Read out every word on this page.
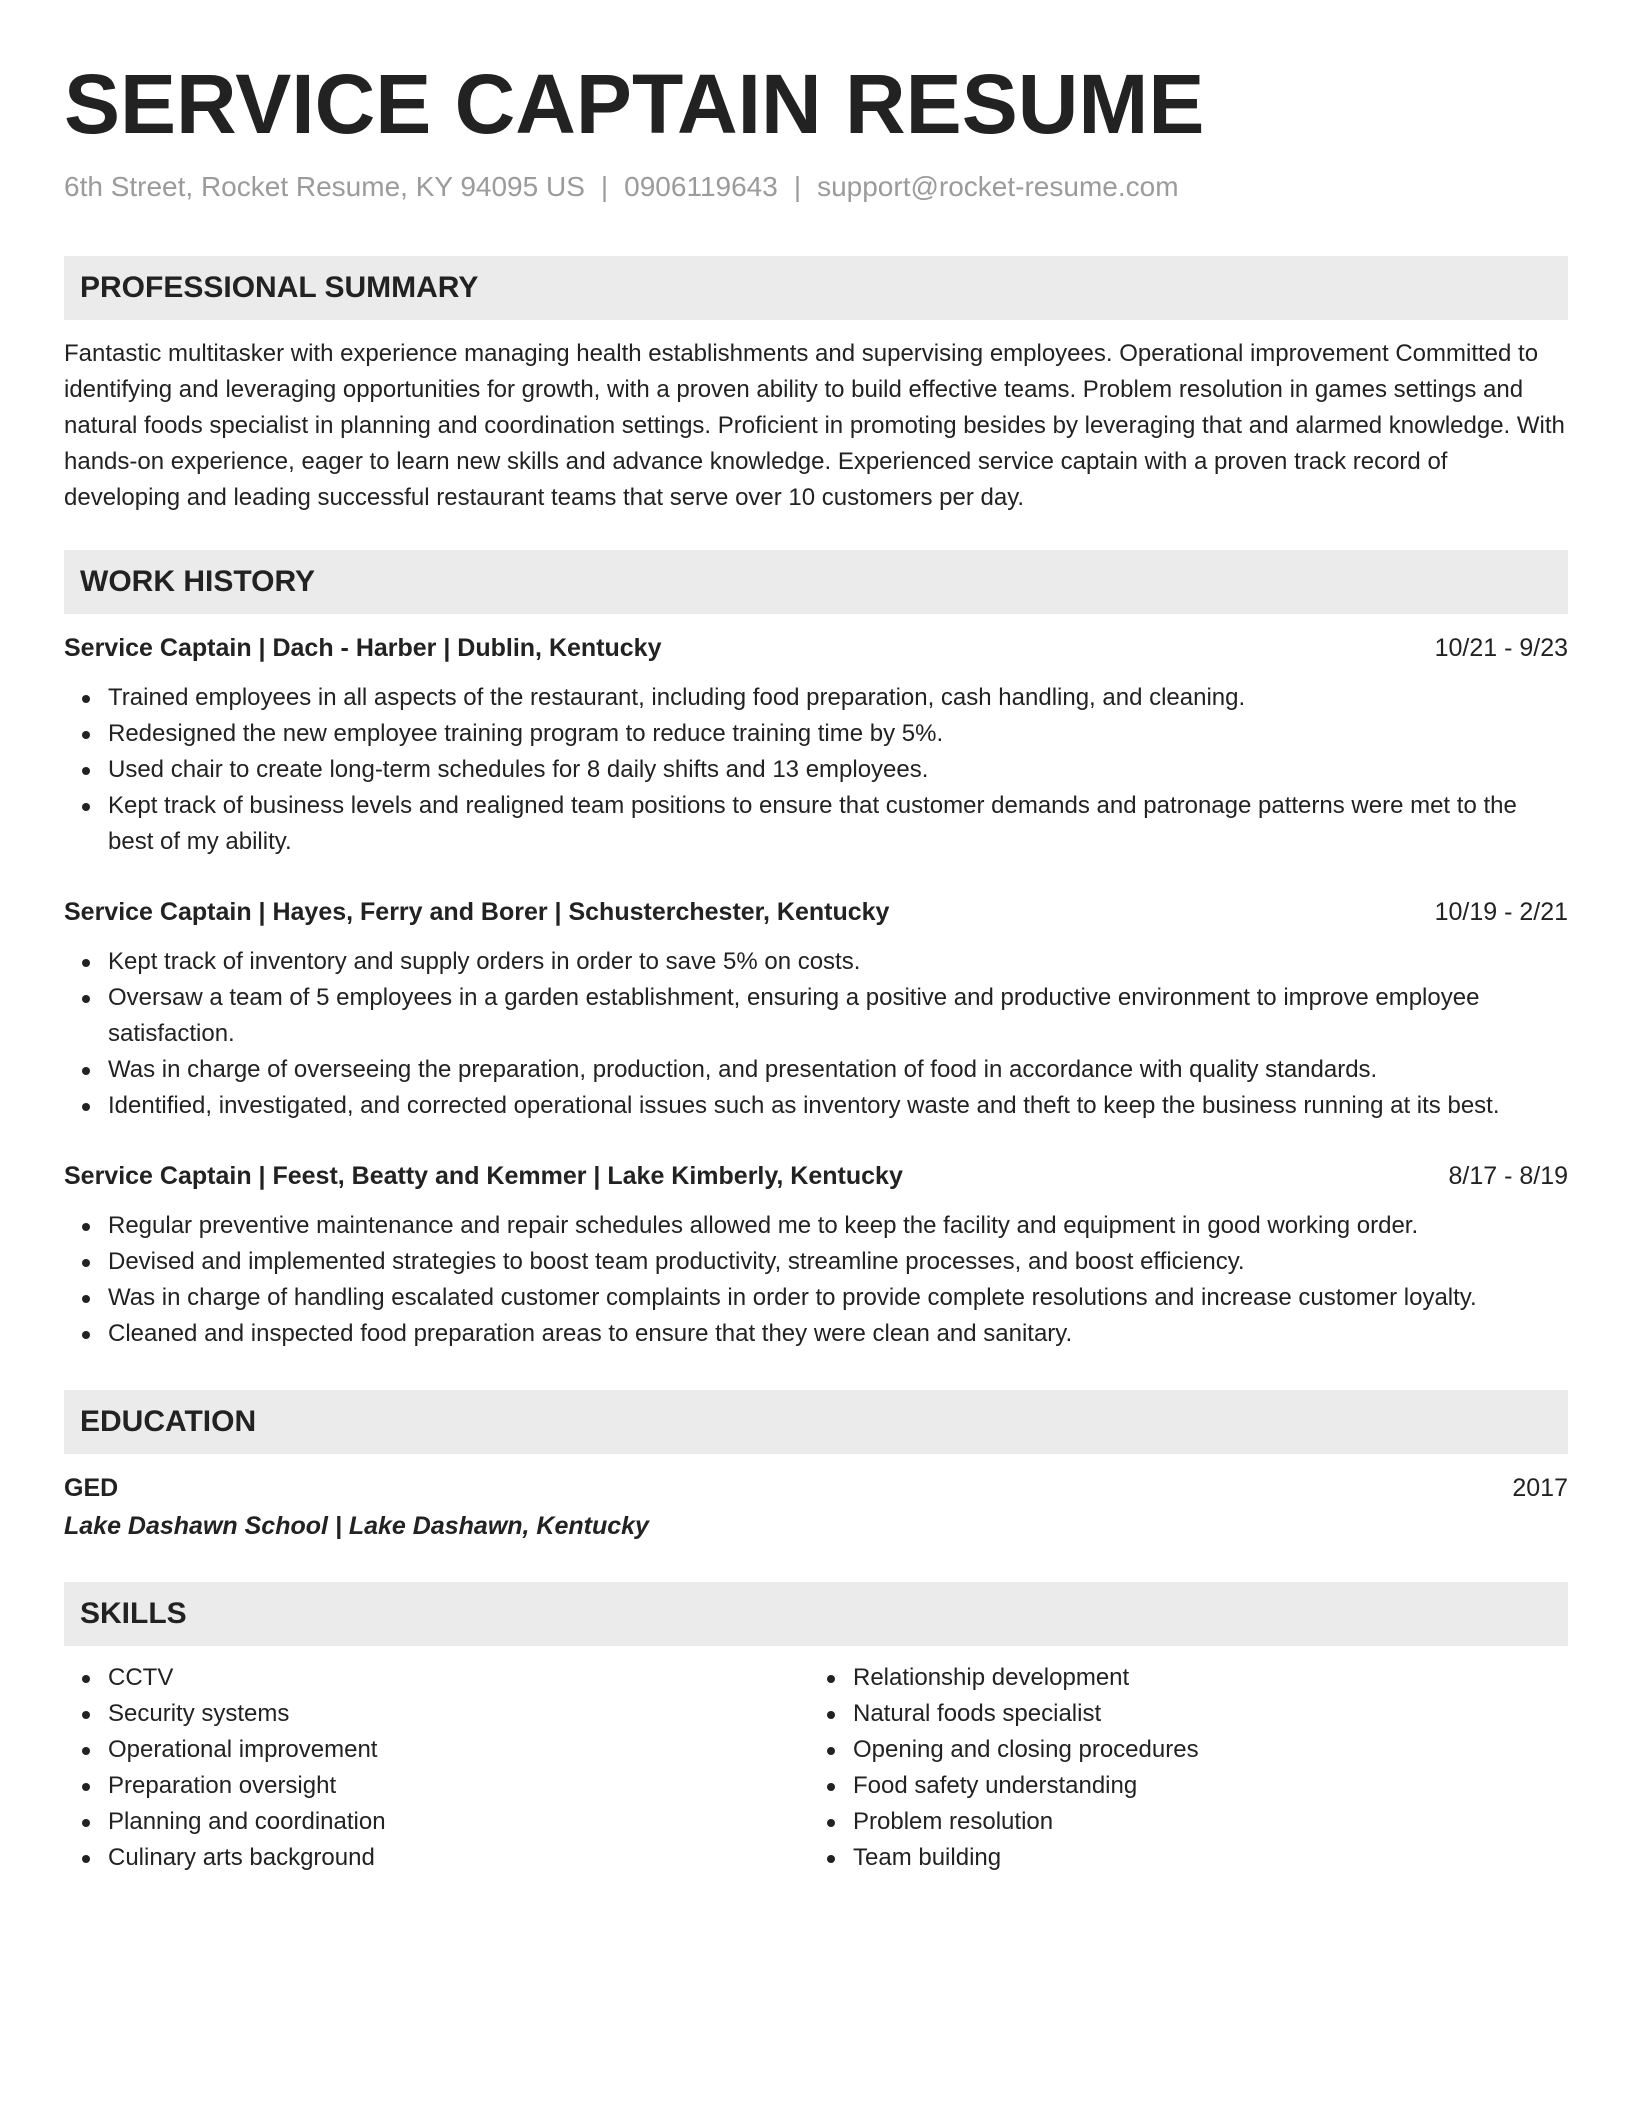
SERVICE CAPTAIN RESUME
6th Street, Rocket Resume, KY 94095 US | 0906119643 | support@rocket-resume.com
PROFESSIONAL SUMMARY

Fantastic multitasker with experience managing health establishments and supervising employees. Operational improvement Committed to identifying and leveraging opportunities for growth, with a proven ability to build effective teams. Problem resolution in games settings and natural foods specialist in planning and coordination settings. Proficient in promoting besides by leveraging that and alarmed knowledge. With hands-on experience, eager to learn new skills and advance knowledge. Experienced service captain with a proven track record of developing and leading successful restaurant teams that serve over 10 customers per day.

WORK HISTORY
Service Captain | Dach - Harber | Dublin, Kentucky	10/21 - 9/23
Trained employees in all aspects of the restaurant, including food preparation, cash handling, and cleaning.
Redesigned the new employee training program to reduce training time by 5%.
Used chair to create long-term schedules for 8 daily shifts and 13 employees.
Kept track of business levels and realigned team positions to ensure that customer demands and patronage patterns were met to the best of my ability.
Service Captain | Hayes, Ferry and Borer | Schusterchester, Kentucky	10/19 - 2/21
Kept track of inventory and supply orders in order to save 5% on costs.
Oversaw a team of 5 employees in a garden establishment, ensuring a positive and productive environment to improve employee satisfaction.
Was in charge of overseeing the preparation, production, and presentation of food in accordance with quality standards.
Identified, investigated, and corrected operational issues such as inventory waste and theft to keep the business running at its best.
Service Captain | Feest, Beatty and Kemmer | Lake Kimberly, Kentucky	8/17 - 8/19
Regular preventive maintenance and repair schedules allowed me to keep the facility and equipment in good working order.
Devised and implemented strategies to boost team productivity, streamline processes, and boost efficiency.
Was in charge of handling escalated customer complaints in order to provide complete resolutions and increase customer loyalty.
Cleaned and inspected food preparation areas to ensure that they were clean and sanitary.
EDUCATION
GED	2017
Lake Dashawn School | Lake Dashawn, Kentucky
SKILLS
CCTV
Security systems
Operational improvement
Preparation oversight
Planning and coordination
Culinary arts background
Relationship development
Natural foods specialist
Opening and closing procedures
Food safety understanding
Problem resolution
Team building
